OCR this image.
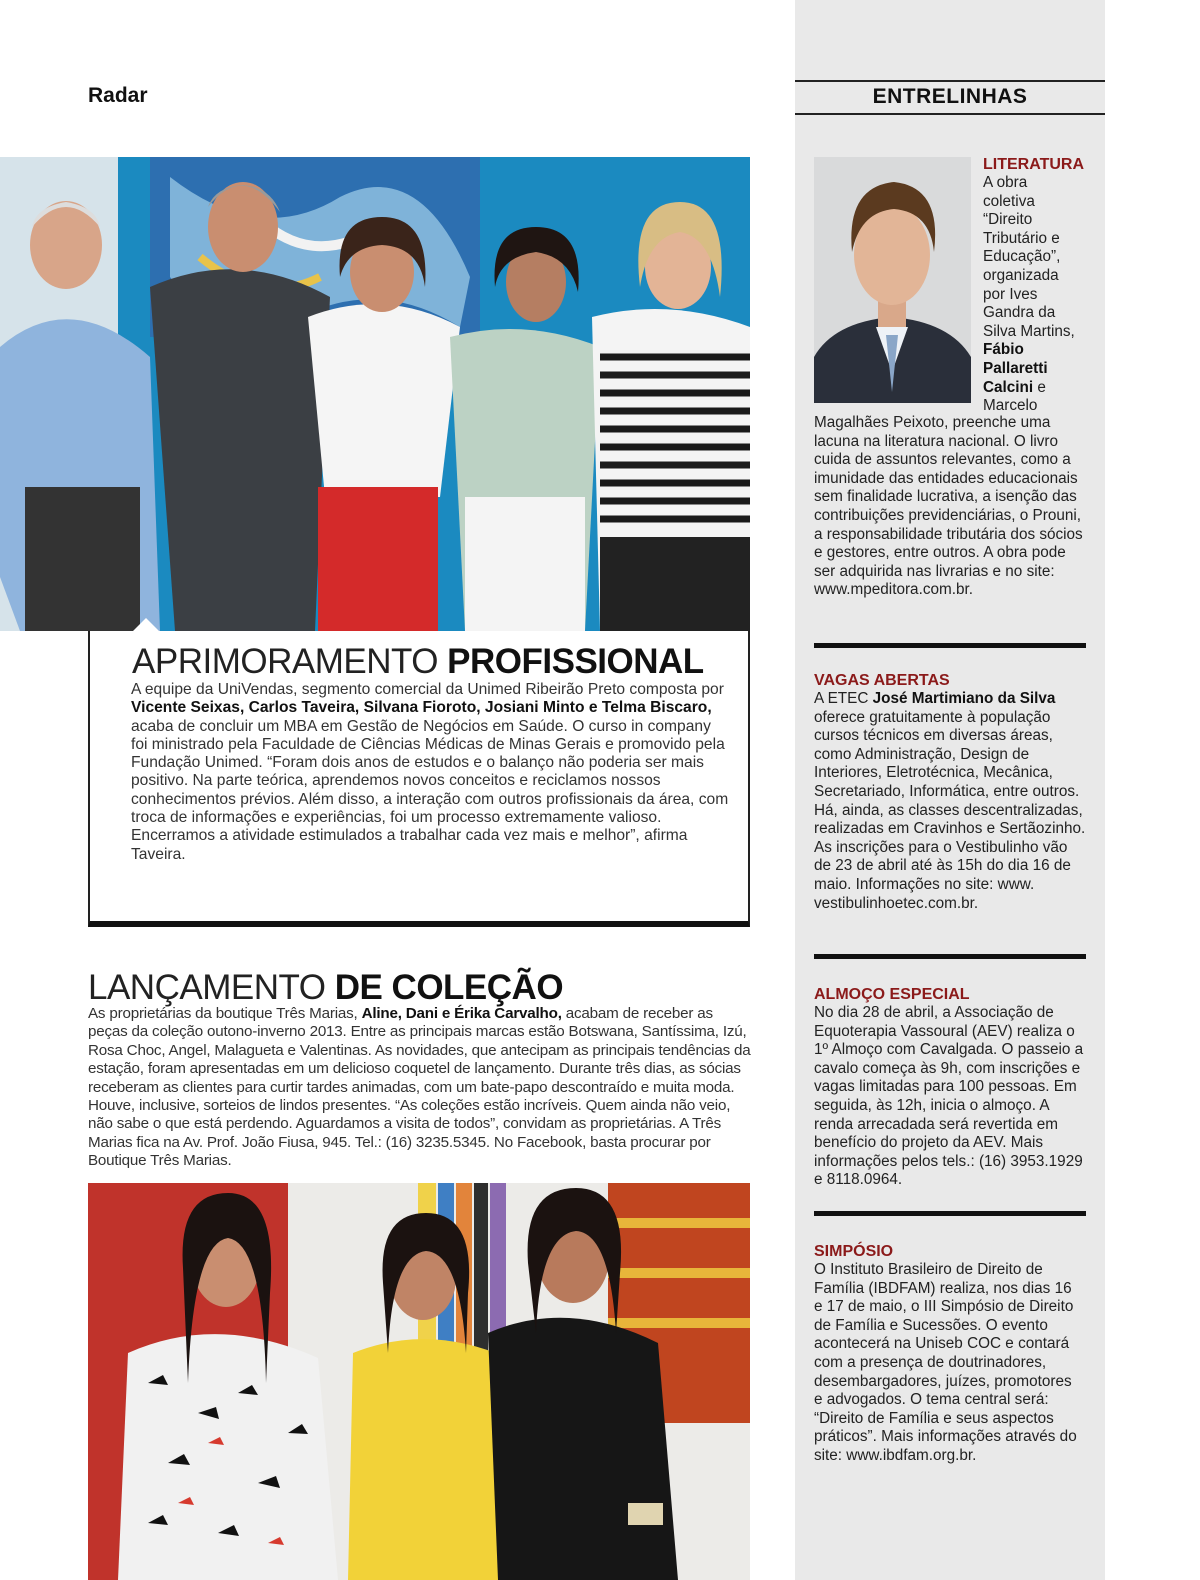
Radar	ENTRELINHAS
LITERATURA
A obra coletiva “Direito Tributário e Educação”, organizada por Ives Gandra da Silva Martins, Fábio Pallaretti Calcini e Marcelo
Magalhães Peixoto, preenche uma lacuna na literatura nacional. O livro cuida de assuntos relevantes, como a imunidade das entidades educacionais sem finalidade lucrativa, a isenção das contribuições previdenciárias, o Prouni, a responsabilidade tributária dos sócios e gestores, entre outros. A obra pode ser adquirida nas livrarias e no site: www.mpeditora.com.br.
VAGAS ABERTAS
A ETEC José Martimiano da Silva oferece gratuitamente à população cursos técnicos em diversas áreas, como Administração, Design de Interiores, Eletrotécnica, Mecânica, Secretariado, Informática, entre outros. Há, ainda, as classes descentralizadas, realizadas em Cravinhos e Sertãozinho. As inscrições para o Vestibulinho vão de 23 de abril até às 15h do dia 16 de maio. Informações no site: www. vestibulinhoetec.com.br.
ALMOÇO ESPECIAL
No dia 28 de abril, a Associação de Equoterapia Vassoural (AEV) realiza o 1º Almoço com Cavalgada. O passeio a cavalo começa às 9h, com inscrições e vagas limitadas para 100 pessoas. Em seguida, às 12h, inicia o almoço. A renda arrecadada será revertida em benefício do projeto da AEV. Mais informações pelos tels.: (16) 3953.1929 e 8118.0964.
SIMPÓSIO
O Instituto Brasileiro de Direito de Família (IBDFAM) realiza, nos dias 16 e 17 de maio, o III Simpósio de Direito de Família e Sucessões. O evento acontecerá na Uniseb COC e contará com a presença de doutrinadores, desembargadores, juízes, promotores e advogados. O tema central será: “Direito de Família e seus aspectos práticos”. Mais informações através do site: www.ibdfam.org.br.
APRIMORAMENTO PROFISSIONAL
A equipe da UniVendas, segmento comercial da Unimed Ribeirão Preto composta por Vicente Seixas, Carlos Taveira, Silvana Fioroto, Josiani Minto e Telma Biscaro, acaba de concluir um MBA em Gestão de Negócios em Saúde. O curso in company foi ministrado pela Faculdade de Ciências Médicas de Minas Gerais e promovido pela Fundação Unimed. “Foram dois anos de estudos e o balanço não poderia ser mais positivo. Na parte teórica, aprendemos novos conceitos e reciclamos nossos conhecimentos prévios. Além disso, a interação com outros profissionais da área, com troca de informações e experiências, foi um processo extremamente valioso. Encerramos a atividade estimulados a trabalhar cada vez mais e melhor”, afirma Taveira.
LANÇAMENTO DE COLEÇÃO
As proprietárias da boutique Três Marias, Aline, Dani e Érika Carvalho, acabam de receber as peças da coleção outono-inverno 2013. Entre as principais marcas estão Botswana, Santíssima, Izú, Rosa Choc, Angel, Malagueta e Valentinas. As novidades, que antecipam as principais tendências da estação, foram apresentadas em um delicioso coquetel de lançamento. Durante três dias, as sócias receberam as clientes para curtir tardes animadas, com um bate-papo descontraído e muita moda. Houve, inclusive, sorteios de lindos presentes. “As coleções estão incríveis. Quem ainda não veio, não sabe o que está perdendo. Aguardamos a visita de todos”, convidam as proprietárias. A Três Marias fica na Av. Prof. João Fiusa, 945. Tel.: (16) 3235.5345. No Facebook, basta procurar por Boutique Três Marias.
